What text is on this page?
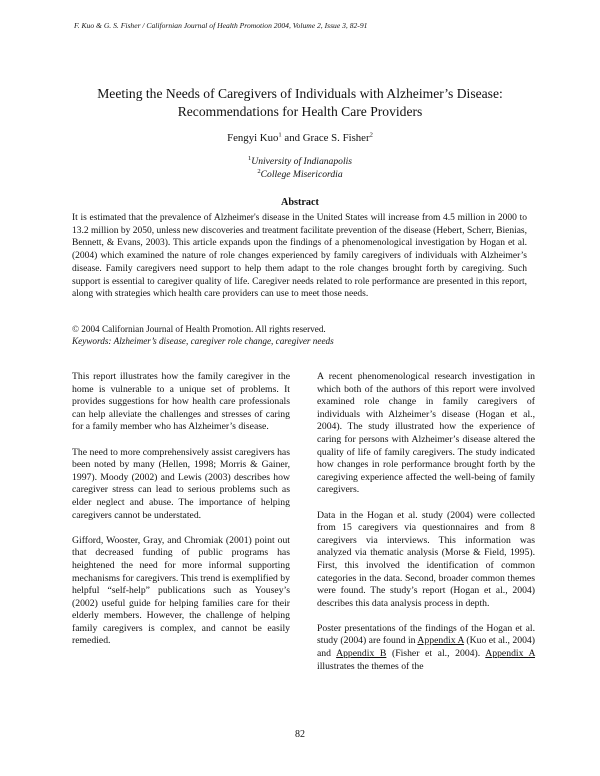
F. Kuo & G. S. Fisher / Californian Journal of Health Promotion 2004, Volume 2, Issue 3, 82-91
Meeting the Needs of Caregivers of Individuals with Alzheimer’s Disease:
Recommendations for Health Care Providers
Fengyi Kuo$^1$ and Grace S. Fisher$^2$
$^1$University of Indianapolis
$^2$College Misericordia
Abstract

It is estimated that the prevalence of Alzheimer's disease in the United States will increase from 4.5 million in 2000 to 13.2 million by 2050, unless new discoveries and treatment facilitate prevention of the disease (Hebert, Scherr, Bienias, Bennett, & Evans, 2003). This article expands upon the findings of a phenomenological investigation by Hogan et al. (2004) which examined the nature of role changes experienced by family caregivers of individuals with Alzheimer’s disease. Family caregivers need support to help them adapt to the role changes brought forth by caregiving. Such support is essential to caregiver quality of life. Caregiver needs related to role performance are presented in this report, along with strategies which health care providers can use to meet those needs.

© 2004 Californian Journal of Health Promotion. All rights reserved.
Keywords: Alzheimer’s disease, caregiver role change, caregiver needs

This report illustrates how the family caregiver in the home is vulnerable to a unique set of problems. It provides suggestions for how health care professionals can help alleviate the challenges and stresses of caring for a family member who has Alzheimer’s disease.

The need to more comprehensively assist caregivers has been noted by many (Hellen, 1998; Morris & Gainer, 1997). Moody (2002) and Lewis (2003) describes how caregiver stress can lead to serious problems such as elder neglect and abuse. The importance of helping caregivers cannot be understated.

Gifford, Wooster, Gray, and Chromiak (2001) point out that decreased funding of public programs has heightened the need for more informal supporting mechanisms for caregivers. This trend is exemplified by helpful “self-help” publications such as Yousey’s (2002) useful guide for helping families care for their elderly members. However, the challenge of helping family caregivers is complex, and cannot be easily remedied.

A recent phenomenological research investigation in which both of the authors of this report were involved examined role change in family caregivers of individuals with Alzheimer’s disease (Hogan et al., 2004). The study illustrated how the experience of caring for persons with Alzheimer’s disease altered the quality of life of family caregivers. The study indicated how changes in role performance brought forth by the caregiving experience affected the well-being of family caregivers.

Data in the Hogan et al. study (2004) were collected from 15 caregivers via questionnaires and from 8 caregivers via interviews. This information was analyzed via thematic analysis (Morse & Field, 1995). First, this involved the identification of common categories in the data. Second, broader common themes were found. The study’s report (Hogan et al., 2004) describes this data analysis process in depth.

Poster presentations of the findings of the Hogan et al. study (2004) are found in Appendix A (Kuo et al., 2004) and Appendix B (Fisher et al., 2004). Appendix A illustrates the themes of the

82
